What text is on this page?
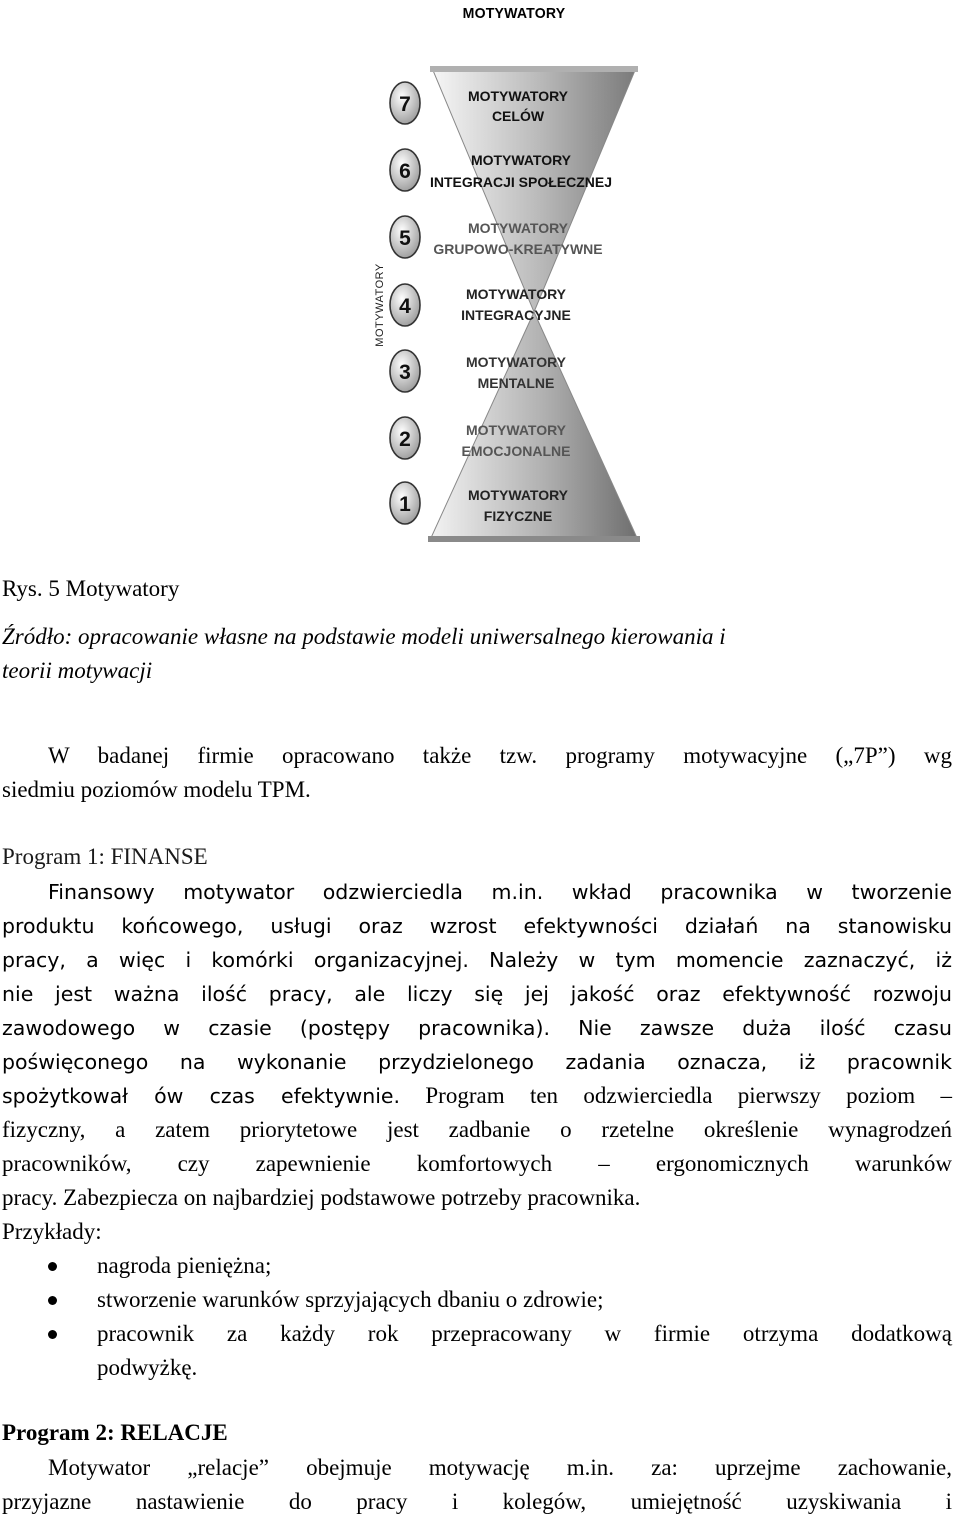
MOTYWATORY
MOTYWATORY
7	MOTYWATORY
CELÓW
6	MOTYWATORY
INTEGRACJI SPOŁECZNEJ
5	MOTYWATORY
GRUPOWO-KREATYWNE
4
MOTYWATORY
INTEGRACYJNE
3	MOTYWATORY
MENTALNE
2	MOTYWATORY
EMOCJONALNE
1	MOTYWATORY
FIZYCZNE
Rys. 5 Motywatory
Źródło: opracowanie własne na podstawie modeli uniwersalnego kierowania i
teorii motywacji
W badanej firmie opracowano także tzw. programy motywacyjne („7P”) wg
siedmiu poziomów modelu TPM.
Program 1: FINANSE
Finansowy motywator odzwierciedla m.in. wkład pracownika w tworzenie
produktu końcowego, usługi oraz wzrost efektywności działań na stanowisku
pracy, a więc i komórki organizacyjnej. Należy w tym momencie zaznaczyć, iż
nie jest ważna ilość pracy, ale liczy się jej jakość oraz efektywność rozwoju
zawodowego w czasie (postępy pracownika). Nie zawsze duża ilość czasu
poświęconego na wykonanie przydzielonego zadania oznacza, iż pracownik
spożytkował ów czas efektywnie. Program ten odzwierciedla pierwszy poziom –
fizyczny, a zatem priorytetowe jest zadbanie o rzetelne określenie wynagrodzeń
pracowników, czy zapewnienie komfortowych – ergonomicznych warunków
pracy. Zabezpiecza on najbardziej podstawowe potrzeby pracownika.
Przykłady:
nagroda pieniężna;
stworzenie warunków sprzyjających dbaniu o zdrowie;
pracownik za każdy rok przepracowany w firmie otrzyma dodatkową
podwyżkę.
Program 2: RELACJE
Motywator „relacje” obejmuje motywację m.in. za: uprzejme zachowanie,
przyjazne nastawienie do pracy i kolegów, umiejętność uzyskiwania i
